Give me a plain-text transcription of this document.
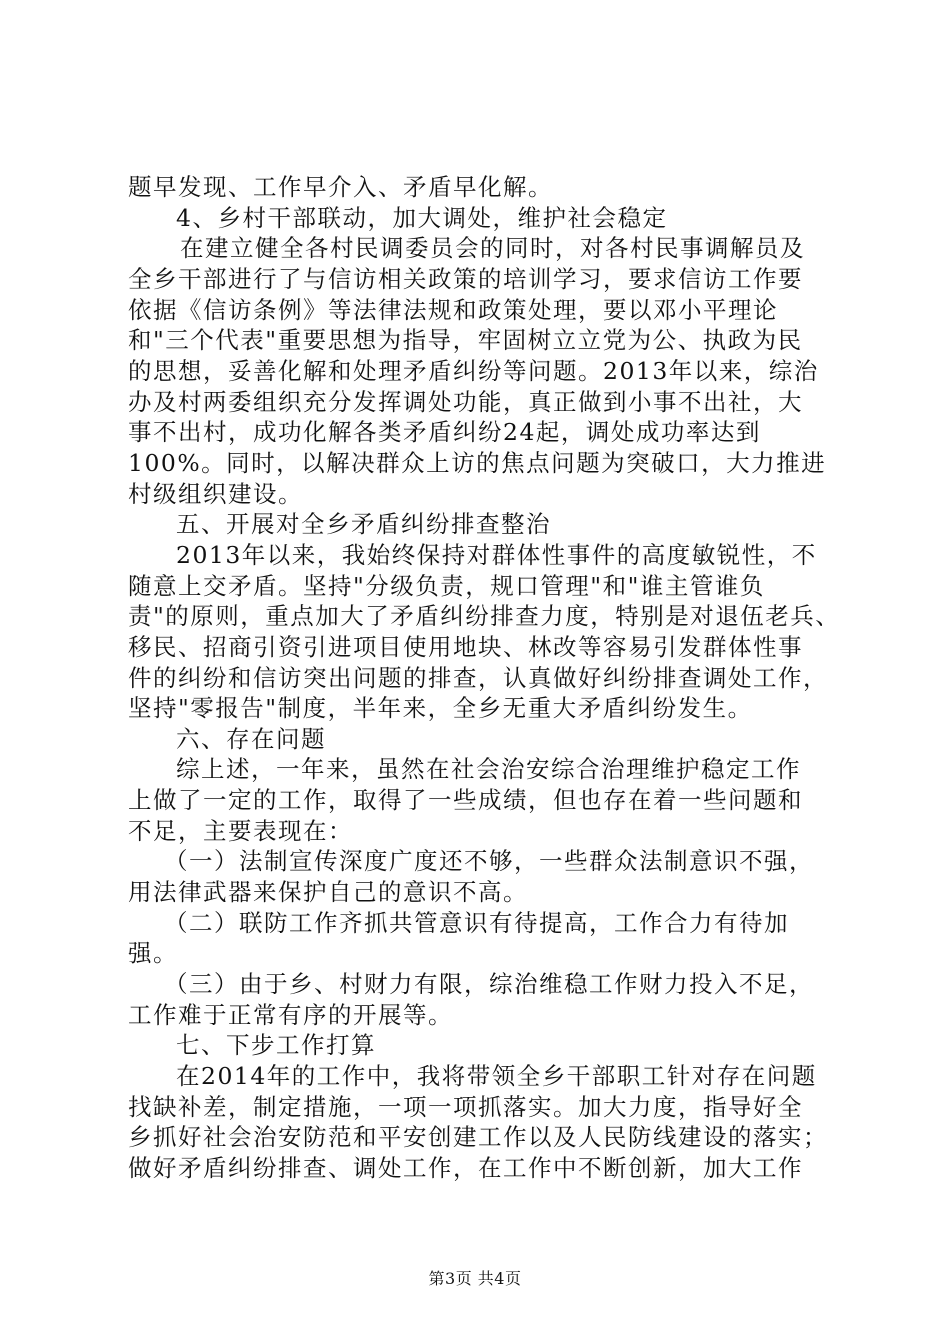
题早发现、工作早介入、矛盾早化解。
4、乡村干部联动，加大调处，维护社会稳定
在建立健全各村民调委员会的同时，对各村民事调解员及
全乡干部进行了与信访相关政策的培训学习，要求信访工作要
依据《信访条例》等法律法规和政策处理，要以邓小平理论
和"三个代表"重要思想为指导，牢固树立立党为公、执政为民
的思想，妥善化解和处理矛盾纠纷等问题。2013年以来，综治
办及村两委组织充分发挥调处功能，真正做到小事不出社，大
事不出村，成功化解各类矛盾纠纷24起，调处成功率达到
100%。同时，以解决群众上访的焦点问题为突破口，大力推进
村级组织建设。
五、开展对全乡矛盾纠纷排查整治
2013年以来，我始终保持对群体性事件的高度敏锐性，不
随意上交矛盾。坚持"分级负责，规口管理"和"谁主管谁负
责"的原则，重点加大了矛盾纠纷排查力度，特别是对退伍老兵、
移民、招商引资引进项目使用地块、林改等容易引发群体性事
件的纠纷和信访突出问题的排查，认真做好纠纷排查调处工作，
坚持"零报告"制度，半年来，全乡无重大矛盾纠纷发生。
六、存在问题
综上述，一年来，虽然在社会治安综合治理维护稳定工作
上做了一定的工作，取得了一些成绩，但也存在着一些问题和
不足，主要表现在：
（一）法制宣传深度广度还不够，一些群众法制意识不强，
用法律武器来保护自己的意识不高。
（二）联防工作齐抓共管意识有待提高，工作合力有待加
强。
（三）由于乡、村财力有限，综治维稳工作财力投入不足，
工作难于正常有序的开展等。
七、下步工作打算
在2014年的工作中，我将带领全乡干部职工针对存在问题
找缺补差，制定措施，一项一项抓落实。加大力度，指导好全
乡抓好社会治安防范和平安创建工作以及人民防线建设的落实；
做好矛盾纠纷排查、调处工作，在工作中不断创新，加大工作
第3页 共4页
